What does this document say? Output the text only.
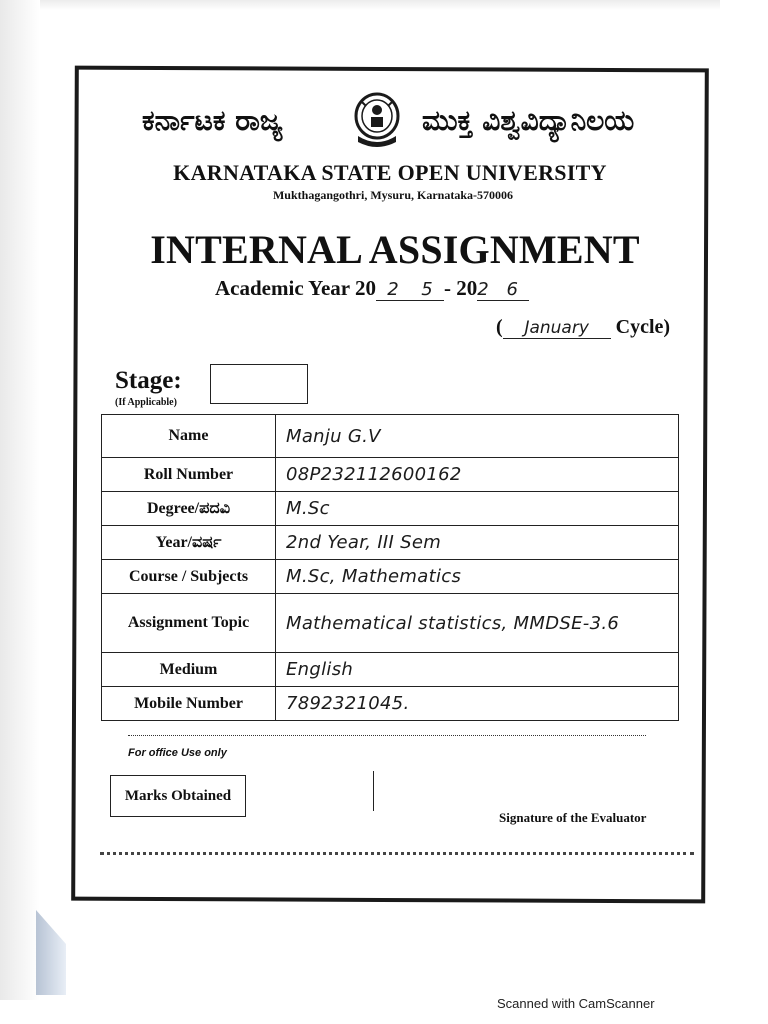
ಕರ್ನಾಟಕ ರಾಜ್ಯ	ಮುಕ್ತ ವಿಶ್ವವಿದ್ಯಾನಿಲಯ
KARNATAKA STATE OPEN UNIVERSITY
Mukthagangothri, Mysuru, Karnataka-570006
INTERNAL ASSIGNMENT
Academic Year 20 2 5 - 202 6
( January Cycle)
Stage:
(If Applicable)
Name	Manju G.V
Roll Number	08P232112600162
Degree/ಪದವಿ	M.Sc
Year/ವರ್ಷ	2nd Year, III Sem
Course / Subjects	M.Sc, Mathematics
Assignment Topic	Mathematical statistics, MMDSE-3.6
Medium	English
Mobile Number	7892321045.
For office Use only
Marks Obtained
Signature of the Evaluator
Scanned with CamScanner
